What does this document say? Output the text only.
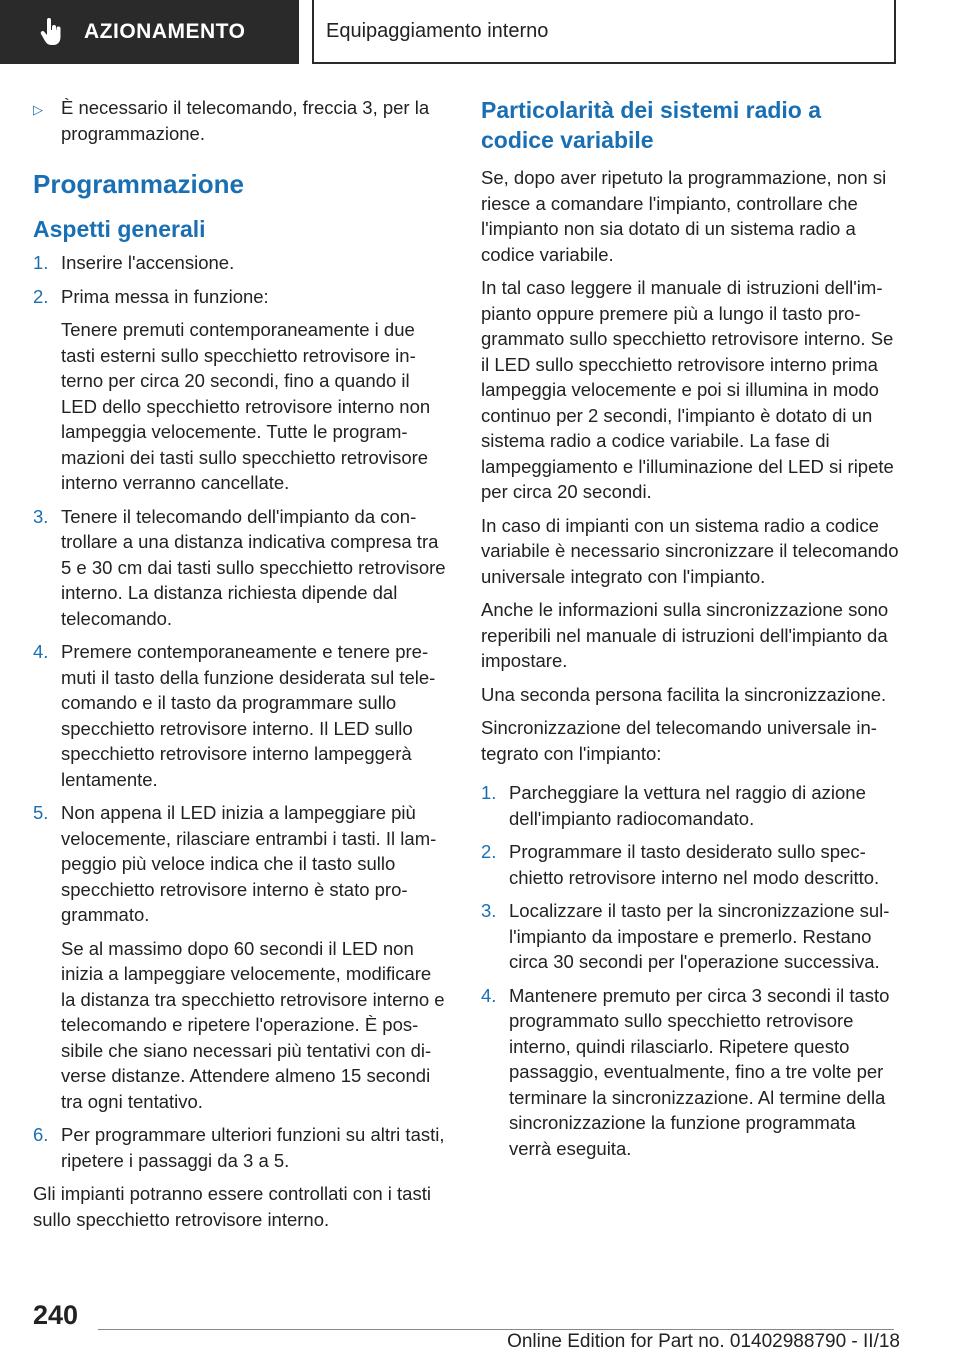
AZIONAMENTO	Equipaggiamento interno
▷ È necessario il telecomando, freccia 3, per la programmazione.
Programmazione
Aspetti generali
1. Inserire l'accensione.

2. Prima messa in funzione:

Tenere premuti contemporaneamente i due tasti esterni sullo specchietto retrovisore interno per circa 20 secondi, fino a quando il LED dello specchietto retrovisore interno non lampeggia velocemente. Tutte le programmazioni dei tasti sullo specchietto retrovisore interno verranno cancellate.

3. Tenere il telecomando dell'impianto da controllare a una distanza indicativa compresa tra 5 e 30 cm dai tasti sullo specchietto retrovisore interno. La distanza richiesta dipende dal telecomando.

4. Premere contemporaneamente e tenere premuti il tasto della funzione desiderata sul telecomando e il tasto da programmare sullo specchietto retrovisore interno. Il LED sullo specchietto retrovisore interno lampeggerà lentamente.

5. Non appena il LED inizia a lampeggiare più velocemente, rilasciare entrambi i tasti. Il lampeggio più veloce indica che il tasto sullo specchietto retrovisore interno è stato programmato.

Se al massimo dopo 60 secondi il LED non inizia a lampeggiare velocemente, modificare la distanza tra specchietto retrovisore interno e telecomando e ripetere l'operazione. È possibile che siano necessari più tentativi con diverse distanze. Attendere almeno 15 secondi tra ogni tentativo.

6. Per programmare ulteriori funzioni su altri tasti, ripetere i passaggi da 3 a 5.

Gli impianti potranno essere controllati con i tasti sullo specchietto retrovisore interno.

Particolarità dei sistemi radio a codice variabile

Se, dopo aver ripetuto la programmazione, non si riesce a comandare l'impianto, controllare che l'impianto non sia dotato di un sistema radio a codice variabile.

In tal caso leggere il manuale di istruzioni dell'impianto oppure premere più a lungo il tasto programmato sullo specchietto retrovisore interno. Se il LED sullo specchietto retrovisore interno prima lampeggia velocemente e poi si illumina in modo continuo per 2 secondi, l'impianto è dotato di un sistema radio a codice variabile. La fase di lampeggiamento e l'illuminazione del LED si ripete per circa 20 secondi.

In caso di impianti con un sistema radio a codice variabile è necessario sincronizzare il telecomando universale integrato con l'impianto.

Anche le informazioni sulla sincronizzazione sono reperibili nel manuale di istruzioni dell'impianto da impostare.

Una seconda persona facilita la sincronizzazione.

Sincronizzazione del telecomando universale integrato con l'impianto:

1. Parcheggiare la vettura nel raggio di azione dell'impianto radiocomandato.

2. Programmare il tasto desiderato sullo specchietto retrovisore interno nel modo descritto.

3. Localizzare il tasto per la sincronizzazione sull'impianto da impostare e premerlo. Restano circa 30 secondi per l'operazione successiva.

4. Mantenere premuto per circa 3 secondi il tasto programmato sullo specchietto retrovisore interno, quindi rilasciarlo. Ripetere questo passaggio, eventualmente, fino a tre volte per terminare la sincronizzazione. Al termine della sincronizzazione la funzione programmata verrà eseguita.

240
Online Edition for Part no. 01402988790 - II/18
